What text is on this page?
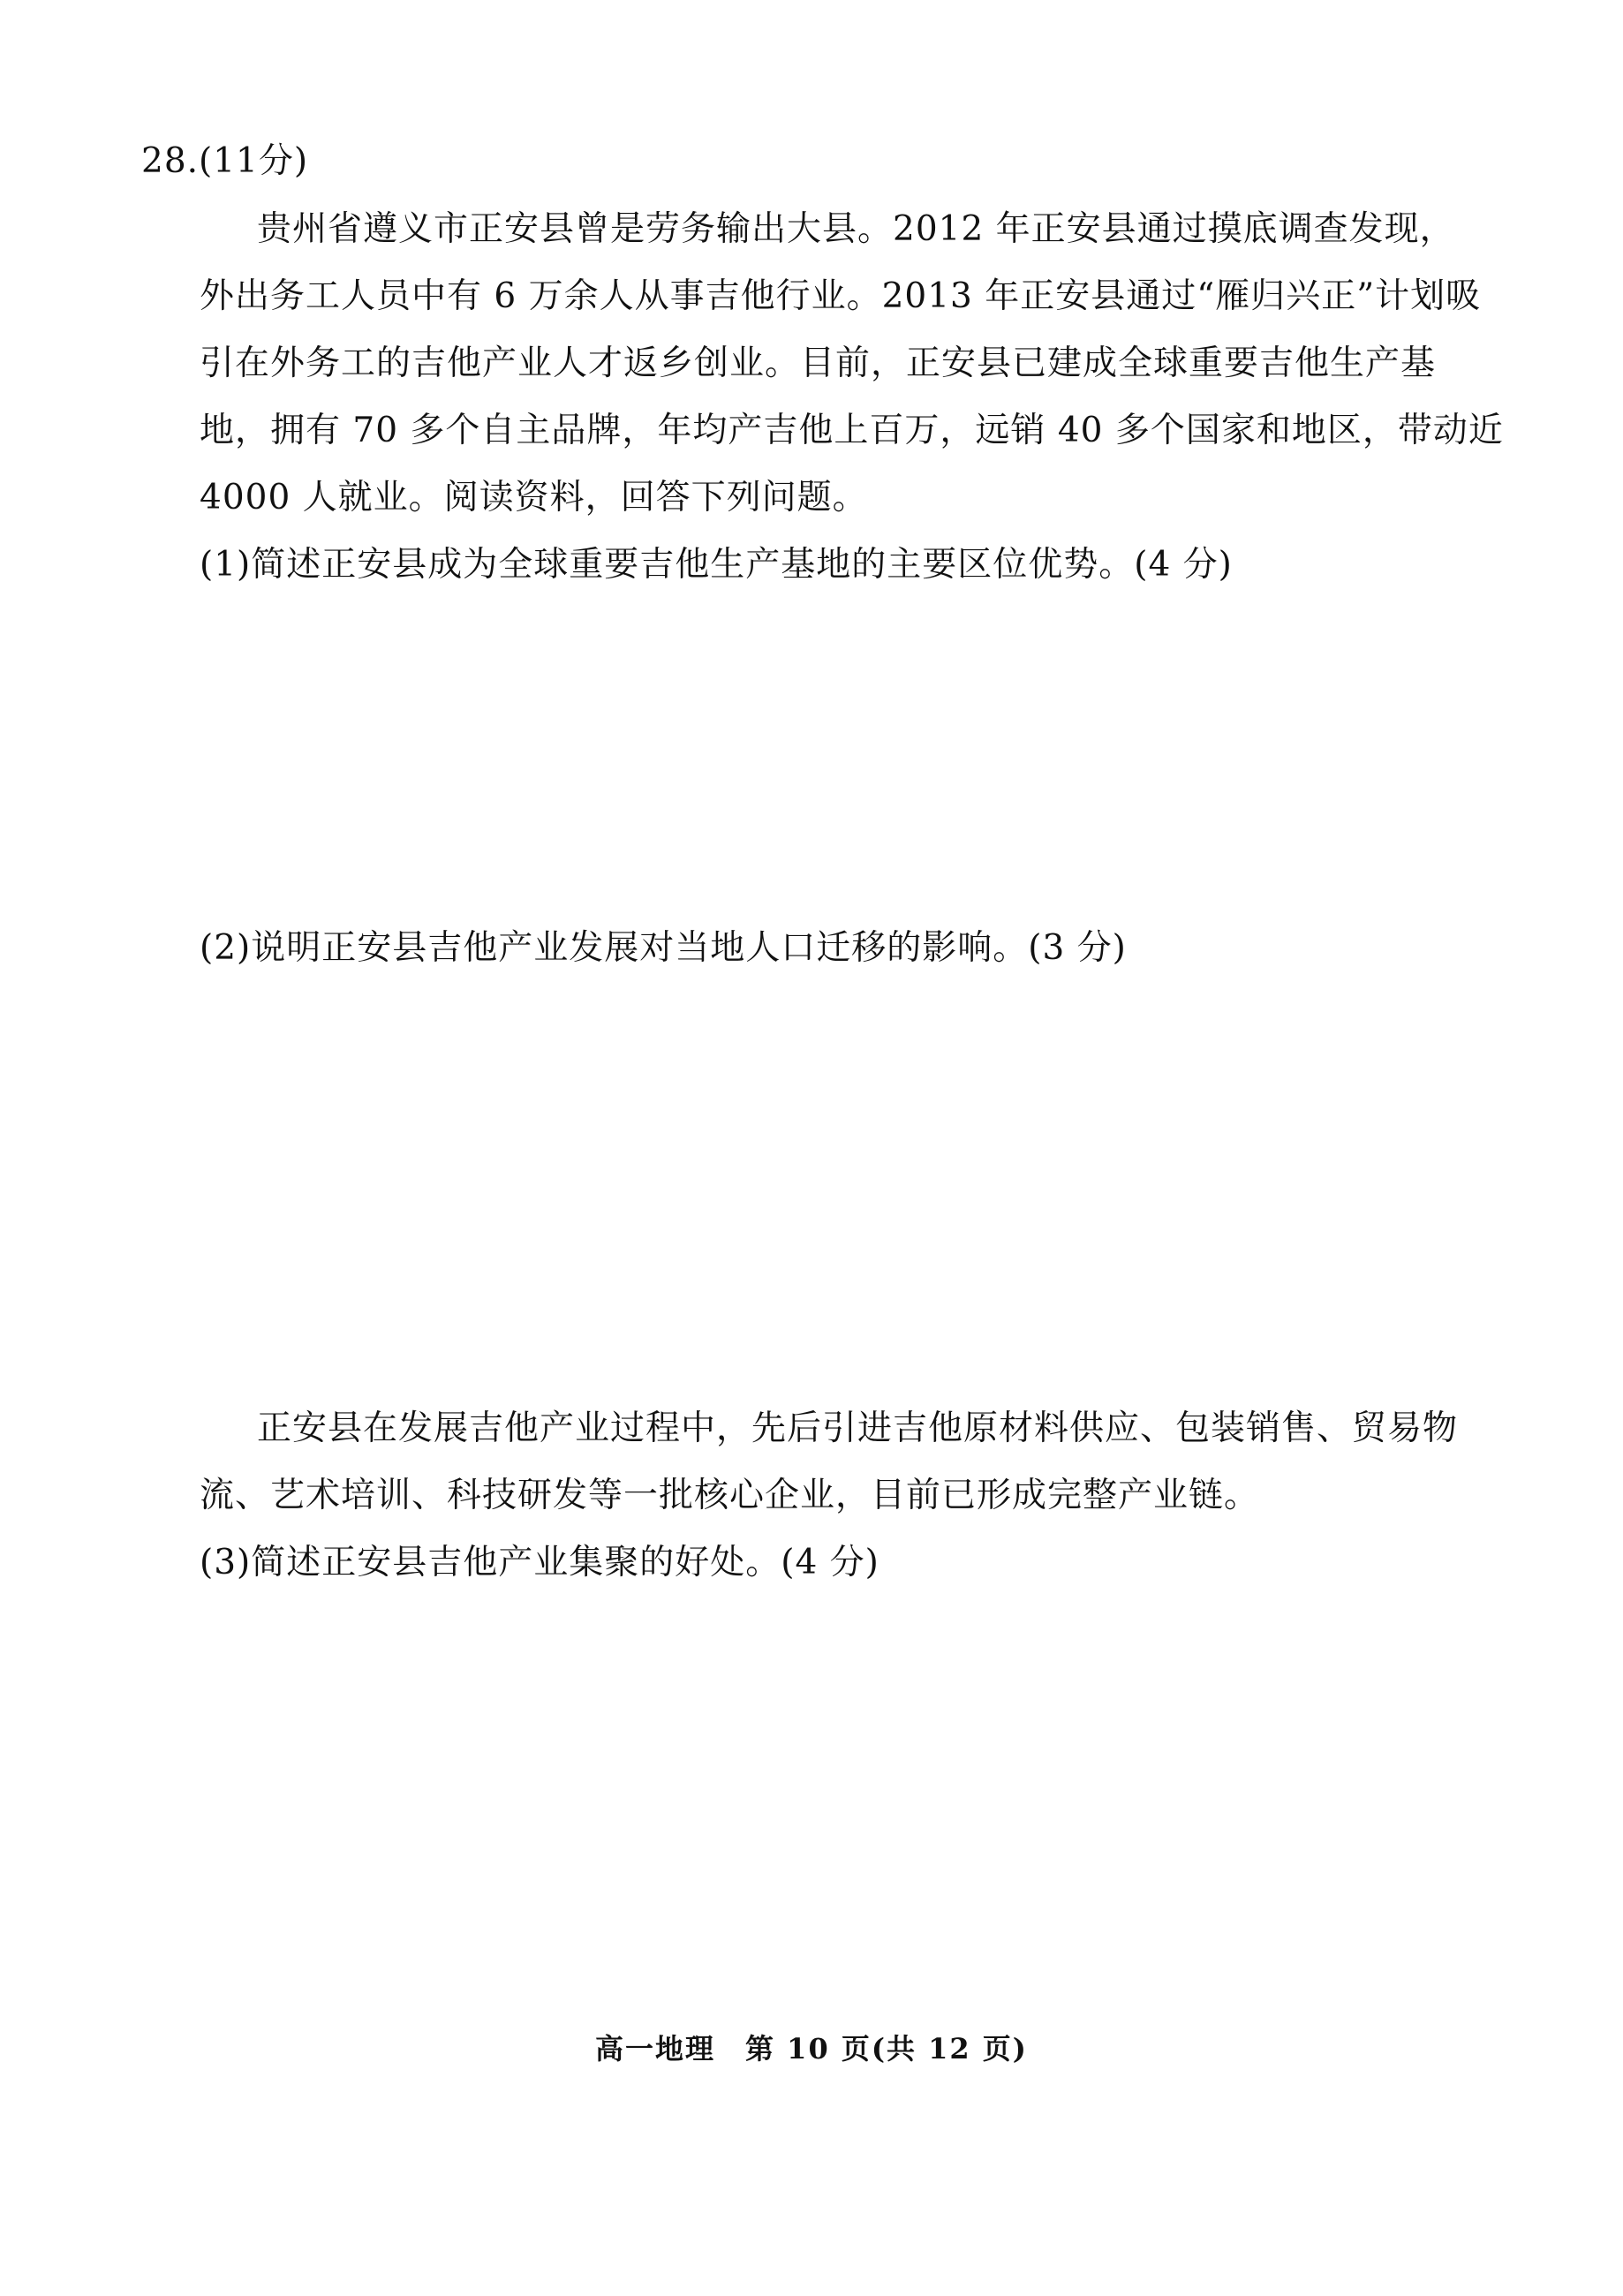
28.(11分)
贵州省遵义市正安县曾是劳务输出大县。2012 年正安县通过摸底调查发现，
外出务工人员中有 6 万余人从事吉他行业。2013 年正安县通过“雁归兴正”计划吸
引在外务工的吉他产业人才返乡创业。目前，正安县已建成全球重要吉他生产基
地，拥有 70 多个自主品牌，年均产吉他上百万，远销 40 多个国家和地区，带动近
4000 人就业。阅读资料，回答下列问题。
(1)简述正安县成为全球重要吉他生产基地的主要区位优势。(4 分)
(2)说明正安县吉他产业发展对当地人口迁移的影响。(3 分)
正安县在发展吉他产业过程中，先后引进吉他原材料供应、包装销售、贸易物
流、艺术培训、科技研发等一批核心企业，目前已形成完整产业链。
(3)简述正安县吉他产业集聚的好处。(4 分)
高一地理　第 10 页(共 12 页)
